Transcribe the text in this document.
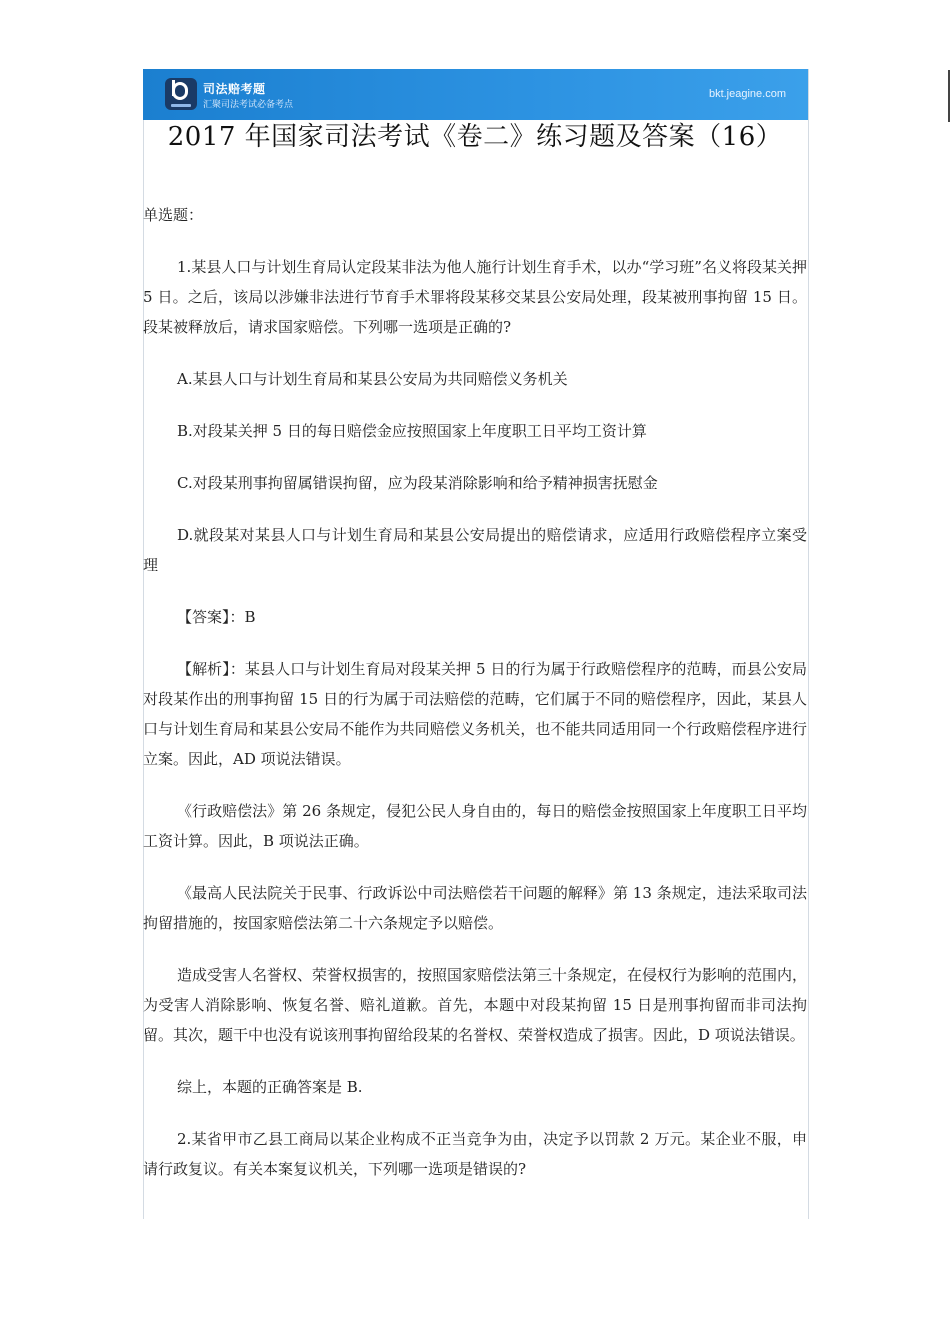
司法赔考题
汇聚司法考试必备考点
bkt.jeagine.com
2017 年国家司法考试《卷二》练习题及答案（16）

单选题：

1.某县人口与计划生育局认定段某非法为他人施行计划生育手术，以办“学习班”名义将段某关押 5 日。之后，该局以涉嫌非法进行节育手术罪将段某移交某县公安局处理，段某被刑事拘留 15 日。段某被释放后，请求国家赔偿。下列哪一选项是正确的?

A.某县人口与计划生育局和某县公安局为共同赔偿义务机关

B.对段某关押 5 日的每日赔偿金应按照国家上年度职工日平均工资计算

C.对段某刑事拘留属错误拘留，应为段某消除影响和给予精神损害抚慰金

D.就段某对某县人口与计划生育局和某县公安局提出的赔偿请求，应适用行政赔偿程序立案受理

【答案】：B

【解析】：某县人口与计划生育局对段某关押 5 日的行为属于行政赔偿程序的范畴，而县公安局对段某作出的刑事拘留 15 日的行为属于司法赔偿的范畴，它们属于不同的赔偿程序，因此，某县人口与计划生育局和某县公安局不能作为共同赔偿义务机关，也不能共同适用同一个行政赔偿程序进行立案。因此，AD 项说法错误。

《行政赔偿法》第 26 条规定，侵犯公民人身自由的，每日的赔偿金按照国家上年度职工日平均工资计算。因此，B 项说法正确。

《最高人民法院关于民事、行政诉讼中司法赔偿若干问题的解释》第 13 条规定，违法采取司法拘留措施的，按国家赔偿法第二十六条规定予以赔偿。

造成受害人名誉权、荣誉权损害的，按照国家赔偿法第三十条规定，在侵权行为影响的范围内，为受害人消除影响、恢复名誉、赔礼道歉。首先，本题中对段某拘留 15 日是刑事拘留而非司法拘留。其次，题干中也没有说该刑事拘留给段某的名誉权、荣誉权造成了损害。因此，D 项说法错误。

综上，本题的正确答案是 B.

2.某省甲市乙县工商局以某企业构成不正当竞争为由，决定予以罚款 2 万元。某企业不服，申请行政复议。有关本案复议机关，下列哪一选项是错误的?
